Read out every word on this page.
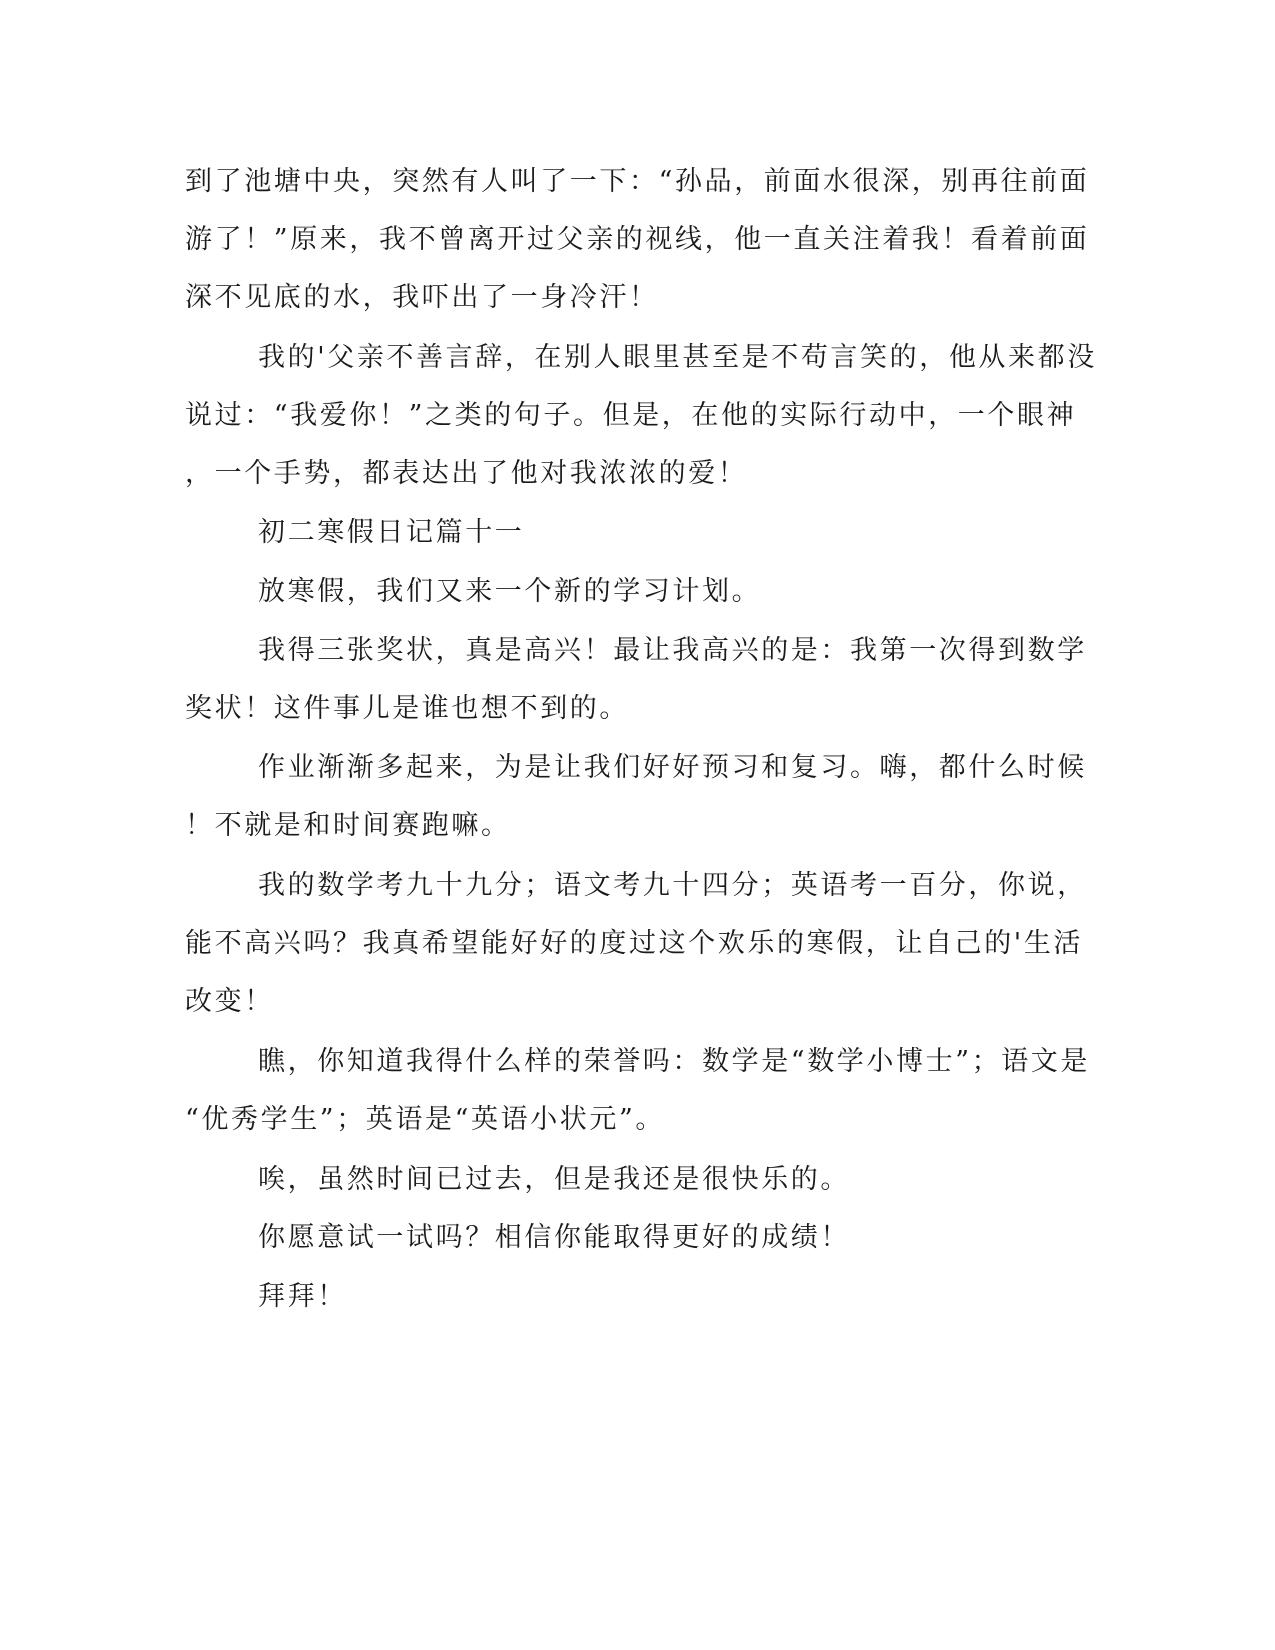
到了池塘中央，突然有人叫了一下：“孙品，前面水很深，别再往前面
游了！”原来，我不曾离开过父亲的视线，他一直关注着我！看着前面
深不见底的水，我吓出了一身冷汗！
我的'父亲不善言辞，在别人眼里甚至是不苟言笑的，他从来都没
说过：“我爱你！”之类的句子。但是，在他的实际行动中，一个眼神
，一个手势，都表达出了他对我浓浓的爱！
初二寒假日记篇十一
放寒假，我们又来一个新的学习计划。
我得三张奖状，真是高兴！最让我高兴的是：我第一次得到数学
奖状！这件事儿是谁也想不到的。
作业渐渐多起来，为是让我们好好预习和复习。嗨，都什么时候
！不就是和时间赛跑嘛。
我的数学考九十九分；语文考九十四分；英语考一百分，你说，
能不高兴吗？我真希望能好好的度过这个欢乐的寒假，让自己的'生活
改变！
瞧，你知道我得什么样的荣誉吗：数学是“数学小博士”；语文是
“优秀学生”；英语是“英语小状元”。
唉，虽然时间已过去，但是我还是很快乐的。
你愿意试一试吗？相信你能取得更好的成绩！
拜拜！
